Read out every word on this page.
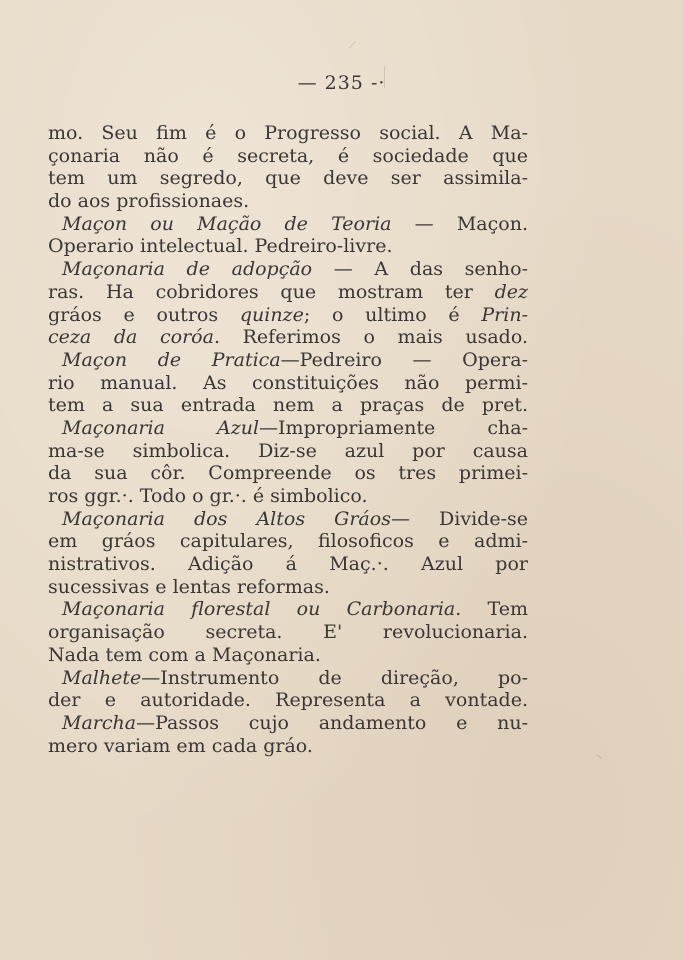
— 235 -·
mo. Seu fim é o Progresso social. A Ma-
çonaria não é secreta, é sociedade que
tem um segredo, que deve ser assimila-
do aos profissionaes.
Maçon ou Mação de Teoria — Maçon.
Operario intelectual. Pedreiro-livre.
Maçonaria de adopção — A das senho-
ras. Ha cobridores que mostram ter dez
gráos e outros quinze; o ultimo é Prin-
ceza da coróa. Referimos o mais usado.
Maçon de Pratica—Pedreiro — Opera-
rio manual. As constituições não permi-
tem a sua entrada nem a praças de pret.
Maçonaria Azul—Impropriamente cha-
ma-se simbolica. Diz-se azul por causa
da sua côr. Compreende os tres primei-
ros ggr.·. Todo o gr.·. é simbolico.
Maçonaria dos Altos Gráos— Divide-se
em gráos capitulares, filosoficos e admi-
nistrativos. Adição á Maç.·. Azul por
sucessivas e lentas reformas.
Maçonaria florestal ou Carbonaria. Tem
organisação secreta. E' revolucionaria.
Nada tem com a Maçonaria.
Malhete—Instrumento de direção, po-
der e autoridade. Representa a vontade.
Marcha—Passos cujo andamento e nu-
mero variam em cada gráo.
